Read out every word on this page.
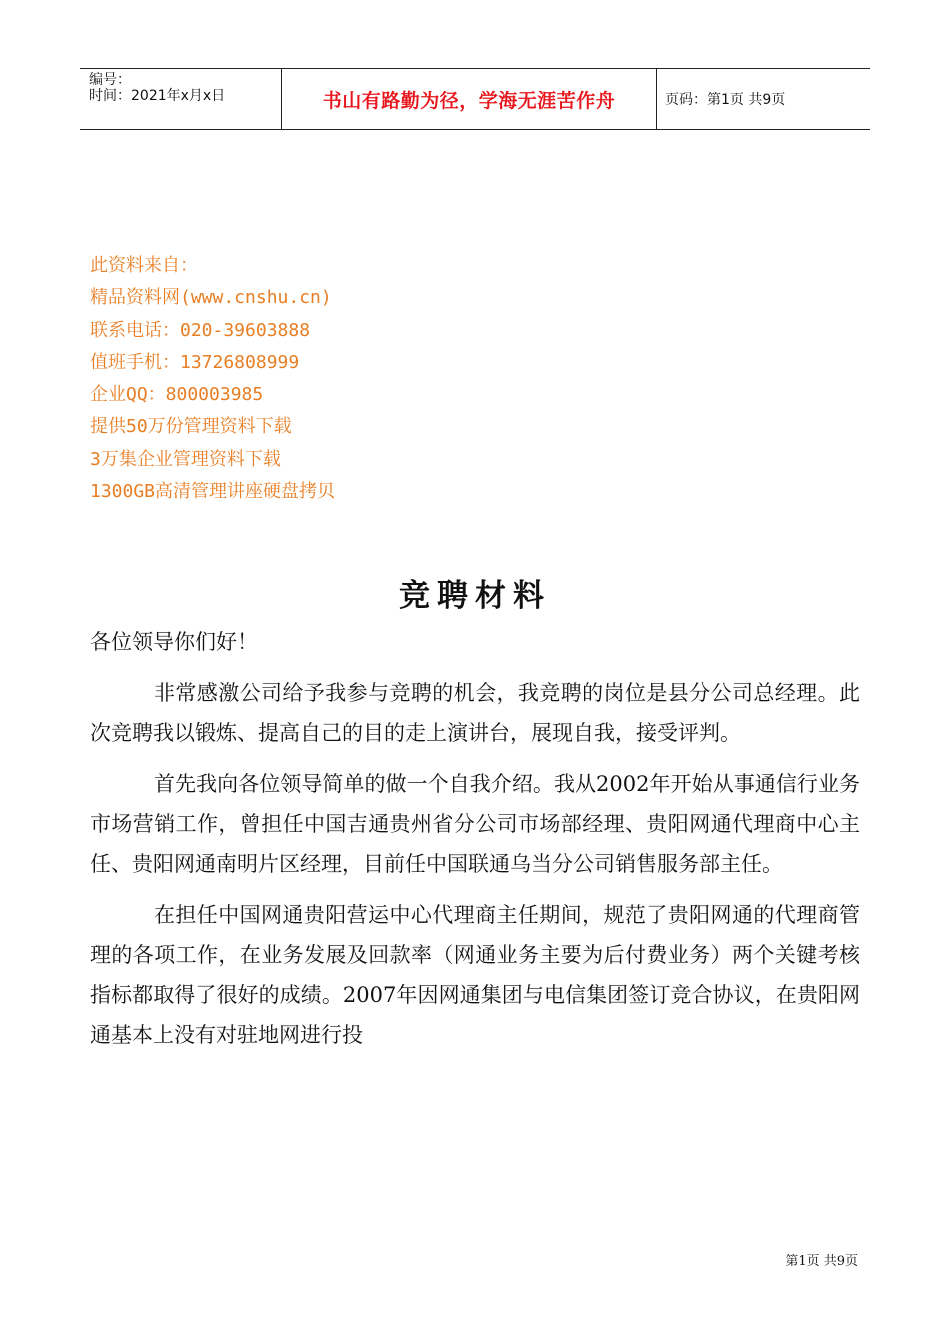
编号：
时间：2021年x月x日	书山有路勤为径，学海无涯苦作舟	页码：第1页 共9页
此资料来自：
精品资料网(www.cnshu.cn)
联系电话：020-39603888
值班手机：13726808999
企业QQ：800003985
提供50万份管理资料下载
3万集企业管理资料下载
1300GB高清管理讲座硬盘拷贝
竞聘材料
各位领导你们好！

非常感激公司给予我参与竞聘的机会，我竞聘的岗位是县分公司总经理。此次竞聘我以锻炼、提高自己的目的走上演讲台，展现自我，接受评判。

首先我向各位领导简单的做一个自我介绍。我从2002年开始从事通信行业务市场营销工作，曾担任中国吉通贵州省分公司市场部经理、贵阳网通代理商中心主任、贵阳网通南明片区经理，目前任中国联通乌当分公司销售服务部主任。

在担任中国网通贵阳营运中心代理商主任期间，规范了贵阳网通的代理商管理的各项工作，在业务发展及回款率（网通业务主要为后付费业务）两个关键考核指标都取得了很好的成绩。2007年因网通集团与电信集团签订竞合协议，在贵阳网通基本上没有对驻地网进行投

第1页 共9页
